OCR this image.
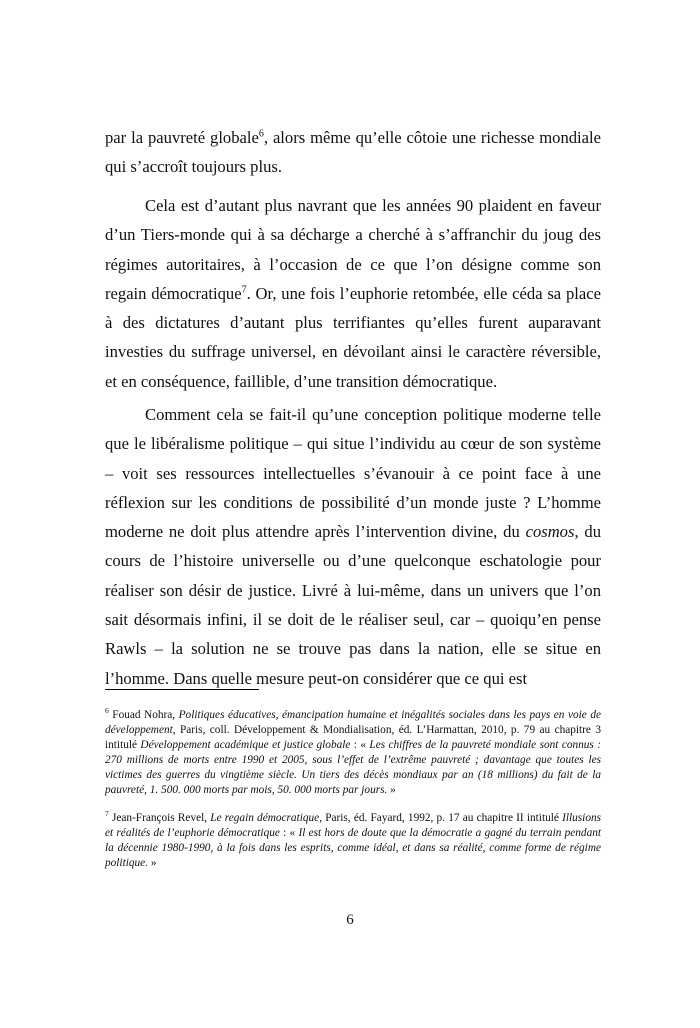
par la pauvreté globale$^6$, alors même qu’elle côtoie une richesse mondiale qui s’accroît toujours plus.

Cela est d’autant plus navrant que les années 90 plaident en faveur d’un Tiers-monde qui à sa décharge a cherché à s’affranchir du joug des régimes autoritaires, à l’occasion de ce que l’on désigne comme son regain démocratique$^7$. Or, une fois l’euphorie retombée, elle céda sa place à des dictatures d’autant plus terrifiantes qu’elles furent auparavant investies du suffrage universel, en dévoilant ainsi le caractère réversible, et en conséquence, faillible, d’une transition démocratique.

Comment cela se fait-il qu’une conception politique moderne telle que le libéralisme politique – qui situe l’individu au cœur de son système – voit ses ressources intellectuelles s’évanouir à ce point face à une réflexion sur les conditions de possibilité d’un monde juste ? L’homme moderne ne doit plus attendre après l’intervention divine, du cosmos, du cours de l’histoire universelle ou d’une quelconque eschatologie pour réaliser son désir de justice. Livré à lui-même, dans un univers que l’on sait désormais infini, il se doit de le réaliser seul, car – quoiqu’en pense Rawls – la solution ne se trouve pas dans la nation, elle se situe en l’homme. Dans quelle mesure peut-on considérer que ce qui est

$^6$ Fouad Nohra, Politiques éducatives, émancipation humaine et inégalités sociales dans les pays en voie de développement, Paris, coll. Développement & Mondialisation, éd. L’Harmattan, 2010, p. 79 au chapitre 3 intitulé Développement académique et justice globale : « Les chiffres de la pauvreté mondiale sont connus : 270 millions de morts entre 1990 et 2005, sous l’effet de l’extrême pauvreté ; davantage que toutes les victimes des guerres du vingtième siècle. Un tiers des décès mondiaux par an (18 millions) du fait de la pauvreté, 1. 500. 000 morts par mois, 50. 000 morts par jours. »

$^7$ Jean-François Revel, Le regain démocratique, Paris, éd. Fayard, 1992, p. 17 au chapitre II intitulé Illusions et réalités de l’euphorie démocratique : « Il est hors de doute que la démocratie a gagné du terrain pendant la décennie 1980-1990, à la fois dans les esprits, comme idéal, et dans sa réalité, comme forme de régime politique. »

6
